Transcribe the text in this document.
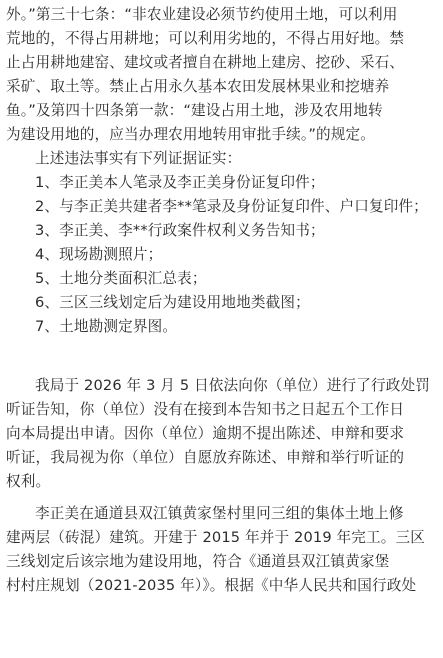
外。”第三十七条：“非农业建设必须节约使用土地，可以利用
荒地的，不得占用耕地；可以利用劣地的，不得占用好地。禁
止占用耕地建窑、建坟或者擅自在耕地上建房、挖砂、采石、
采矿、取土等。禁止占用永久基本农田发展林果业和挖塘养
鱼。”及第四十四条第一款：“建设占用土地，涉及农用地转
为建设用地的，应当办理农用地转用审批手续。”的规定。

上述违法事实有下列证据证实：

1、李正美本人笔录及李正美身份证复印件；

2、与李正美共建者李**笔录及身份证复印件、户口复印件；

3、李正美、李**行政案件权利义务告知书；

4、现场勘测照片；

5、土地分类面积汇总表；

6、三区三线划定后为建设用地地类截图；

7、土地勘测定界图。

我局于 2026 年 3 月 5 日依法向你（单位）进行了行政处罚
听证告知，你（单位）没有在接到本告知书之日起五个工作日
向本局提出申请。因你（单位）逾期不提出陈述、申辩和要求
听证，我局视为你（单位）自愿放弃陈述、申辩和举行听证的
权利。

李正美在通道县双江镇黄家堡村里冋三组的集体土地上修
建两层（砖混）建筑。开建于 2015 年并于 2019 年完工。三区
三线划定后该宗地为建设用地，符合《通道县双江镇黄家堡
村村庄规划（2021-2035 年）》。根据《中华人民共和国行政处
